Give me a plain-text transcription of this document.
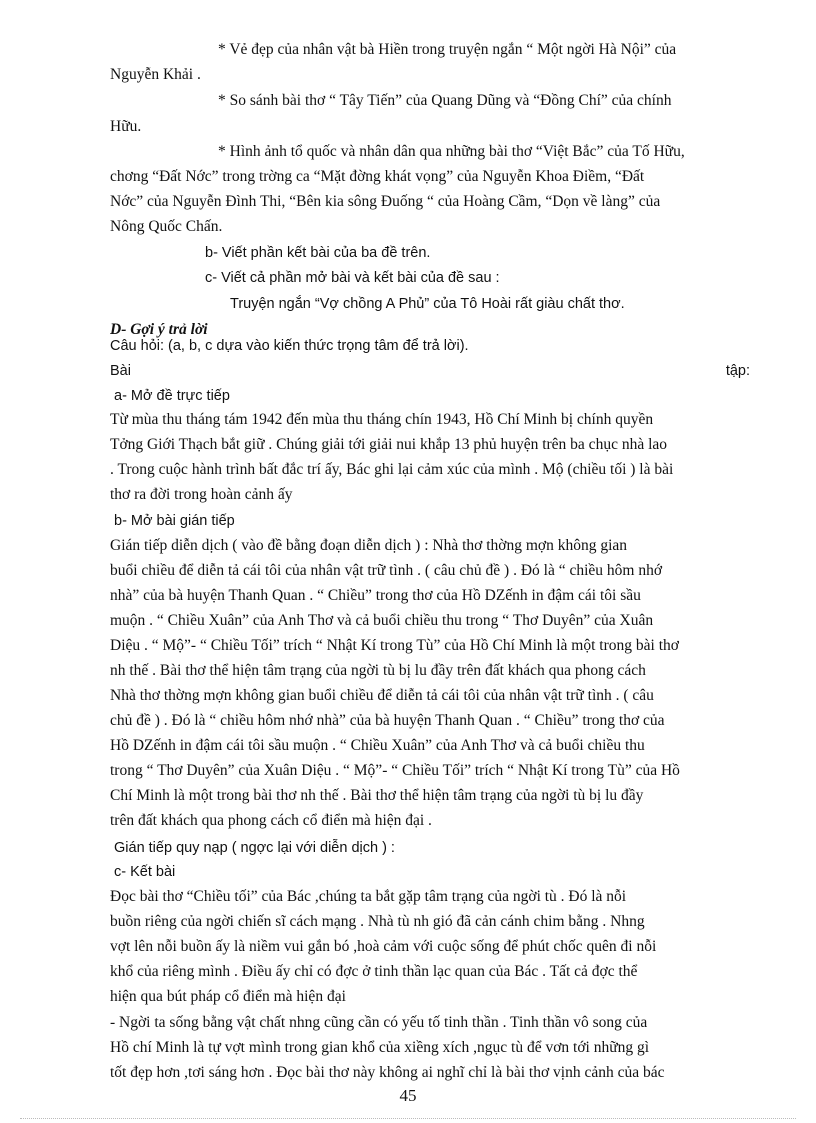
* Vẻ đẹp của nhân vật bà Hiền trong truyện ngắn “ Một ngời Hà Nội” của
Nguyễn Khải .
* So sánh bài thơ “ Tây Tiến” của Quang Dũng và “Đồng Chí” của chính
Hữu.
* Hình ảnh tổ quốc và nhân dân qua những bài thơ “Việt Bắc” của Tố Hữu,
chơng “Đất Nớc” trong trờng ca “Mặt đờng khát vọng” của Nguyễn Khoa Điềm, “Đất
Nớc” của Nguyễn Đình Thi, “Bên kia sông Đuống “ của Hoàng Cầm, “Dọn về làng” của
Nông Quốc Chấn.
b- Viết phần kết bài của ba đề trên.
c- Viết cả phần mở bài và kết bài của đề sau :
Truyện ngắn “Vợ chồng A Phủ” của Tô Hoài rất giàu chất thơ.
D- Gợi ý trả lời
Câu hỏi: (a, b, c dựa vào kiến thức trọng tâm để trả lời).
Bài	tập:
a- Mở đề trực tiếp
Từ mùa thu tháng tám 1942 đến mùa thu tháng chín 1943, Hồ Chí Minh bị chính quyền
Tởng Giới Thạch bắt giữ . Chúng giải tới giải nui khắp 13 phủ huyện trên ba chục nhà lao
. Trong cuộc hành trình bất đắc trí ấy, Bác ghi lại cảm xúc của mình . Mộ (chiều tối ) là bài
thơ ra đời trong hoàn cảnh ấy
b- Mở bài gián tiếp
Gián tiếp diễn dịch ( vào đề bằng đoạn diễn dịch ) : Nhà thơ thờng mợn không gian
buổi chiều để diễn tả cái tôi của nhân vật trữ tình . ( câu chủ đề ) . Đó là “ chiều hôm nhớ
nhà” của bà huyện Thanh Quan . “ Chiều” trong thơ của Hồ DZếnh in đậm cái tôi sầu
muộn . “ Chiều Xuân” của Anh Thơ và cả buổi chiều thu trong “ Thơ Duyên” của Xuân
Diệu . “ Mộ”- “ Chiều Tối” trích “ Nhật Kí trong Tù” của Hồ Chí Minh là một trong bài thơ
nh thế . Bài thơ thể hiện tâm trạng của ngời tù bị lu đầy trên đất khách qua phong cách
Nhà thơ thờng mợn không gian buổi chiều để diễn tả cái tôi của nhân vật trữ tình . ( câu
chủ đề ) . Đó là “ chiều hôm nhớ nhà” của bà huyện Thanh Quan . “ Chiều” trong thơ của
Hồ DZếnh in đậm cái tôi sầu muộn . “ Chiều Xuân” của Anh Thơ và cả buổi chiều thu
trong “ Thơ Duyên” của Xuân Diệu . “ Mộ”- “ Chiều Tối” trích “ Nhật Kí trong Tù” của Hồ
Chí Minh là một trong bài thơ nh thế . Bài thơ thể hiện tâm trạng của ngời tù bị lu đầy
trên đất khách qua phong cách cổ điển mà hiện đại .
Gián tiếp quy nạp ( ngợc lại với diễn dịch ) :
c- Kết bài
Đọc bài thơ “Chiều tối” của Bác ,chúng ta bắt gặp tâm trạng của ngời tù . Đó là nỗi
buồn riêng của ngời chiến sĩ cách mạng . Nhà tù nh gió đã cản cánh chim bằng . Nhng
vợt lên nỗi buồn ấy là niềm vui gắn bó ,hoà cảm với cuộc sống để phút chốc quên đi nỗi
khổ của riêng mình . Điều ấy chỉ có đợc ở tinh thần lạc quan của Bác . Tất cả đợc thể
hiện qua bút pháp cổ điển mà hiện đại
- Ngời ta sống bằng vật chất nhng cũng cần có yếu tố tinh thần . Tinh thần vô song của
Hồ chí Minh là tự vợt mình trong gian khổ của xiềng xích ,ngục tù để vơn tới những gì
tốt đẹp hơn ,tơi sáng hơn . Đọc bài thơ này không ai nghĩ chỉ là bài thơ vịnh cảnh của bác
45
